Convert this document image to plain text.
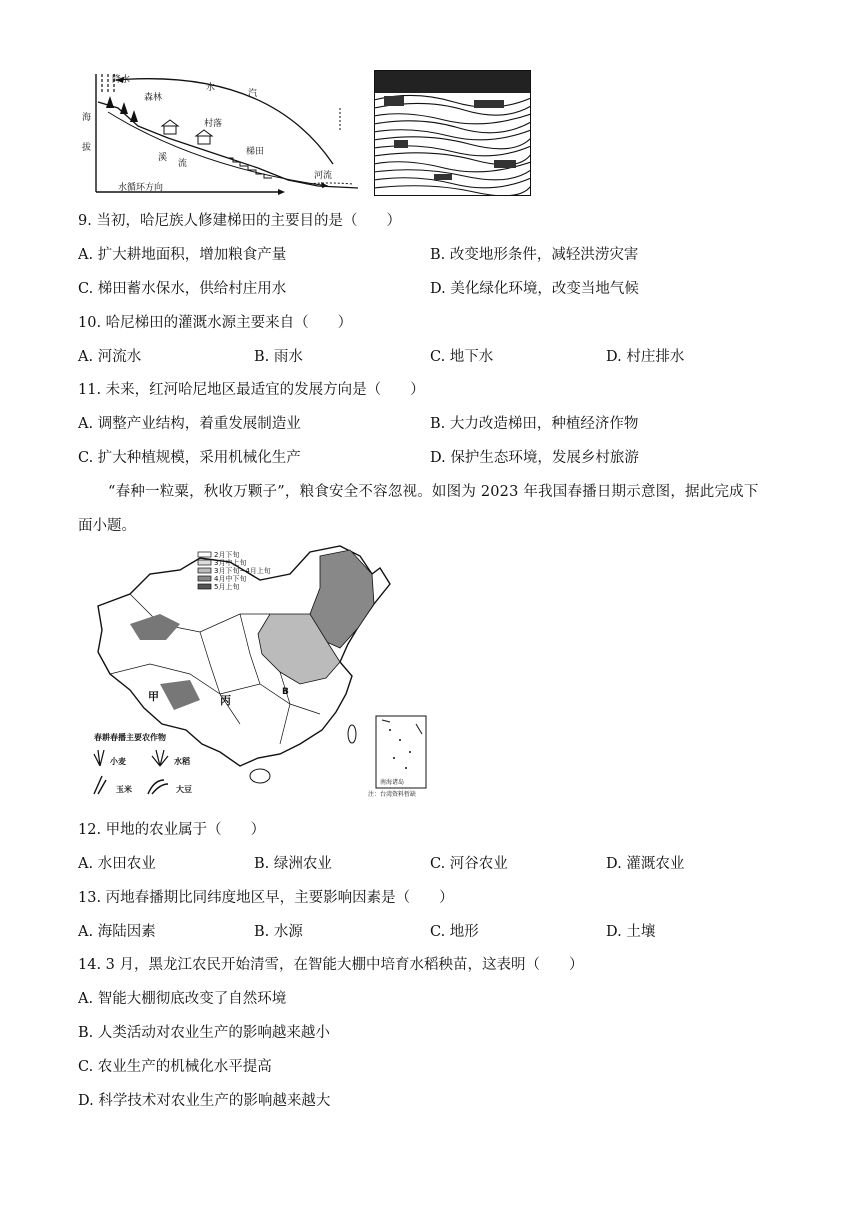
降水
森林
水
汽
村落
海
拔
溪
流
梯田
河流
水循环方向
9. 当初，哈尼族人修建梯田的主要目的是（　　）
A. 扩大耕地面积，增加粮食产量	B. 改变地形条件，减轻洪涝灾害
C. 梯田蓄水保水，供给村庄用水	D. 美化绿化环境，改变当地气候
10. 哈尼梯田的灌溉水源主要来自（　　）
A. 河流水	B. 雨水	C. 地下水	D. 村庄排水
11. 未来，红河哈尼地区最适宜的发展方向是（　　）
A. 调整产业结构，着重发展制造业	B. 大力改造梯田，种植经济作物
C. 扩大种植规模，采用机械化生产	D. 保护生态环境，发展乡村旅游
“春种一粒粟，秋收万颗子”，粮食安全不容忽视。如图为 2023 年我国春播日期示意图，据此完成下
面小题。
2月下旬
3月中上旬
3月下旬~4月上旬
4月中下旬
5月上旬
甲	丙
B
春耕春播主要农作物
小麦	水稻
玉米	大豆
南海诸岛
注：台湾资料暂缺
12. 甲地的农业属于（　　）
A. 水田农业	B. 绿洲农业	C. 河谷农业	D. 灌溉农业
13. 丙地春播期比同纬度地区早，主要影响因素是（　　）
A. 海陆因素	B. 水源	C. 地形	D. 土壤
14. 3 月，黑龙江农民开始清雪，在智能大棚中培育水稻秧苗，这表明（　　）
A. 智能大棚彻底改变了自然环境
B. 人类活动对农业生产的影响越来越小
C. 农业生产的机械化水平提高
D. 科学技术对农业生产的影响越来越大
